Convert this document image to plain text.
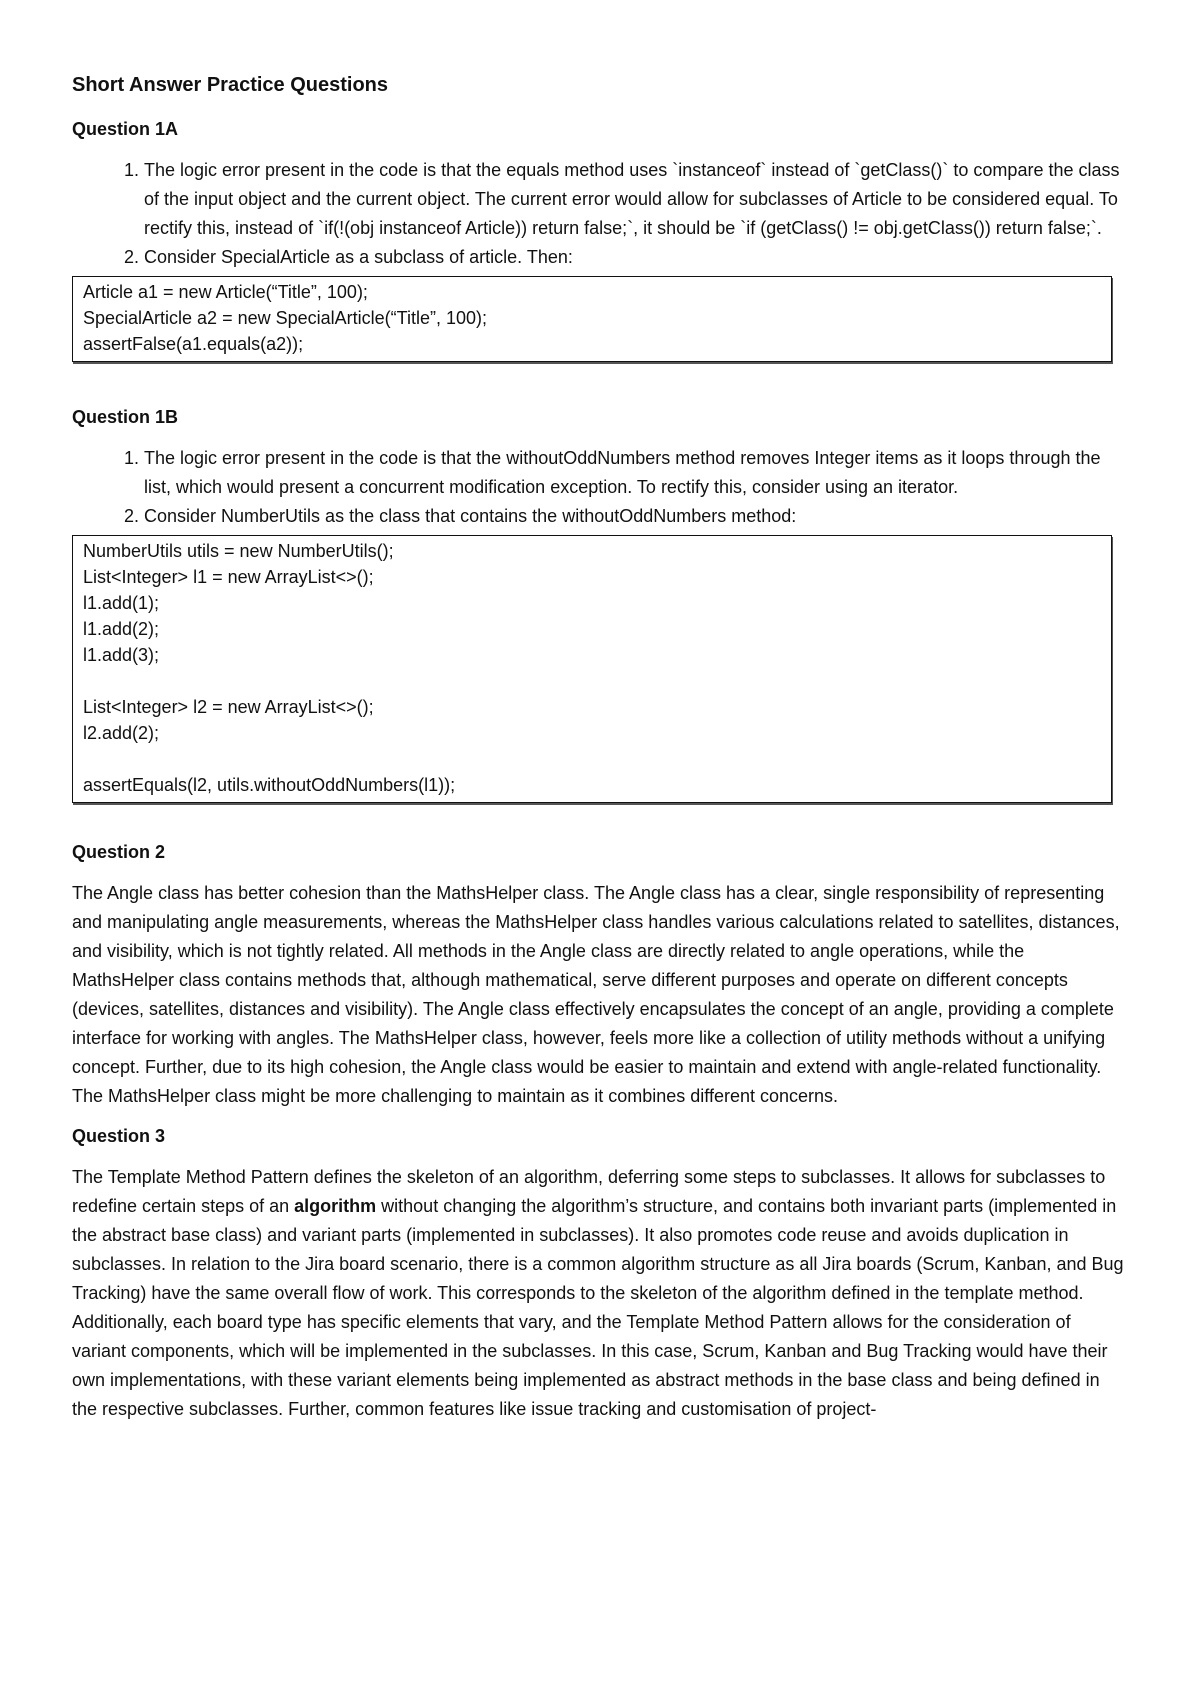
Short Answer Practice Questions
Question 1A
1. The logic error present in the code is that the equals method uses `instanceof` instead of `getClass()` to compare the class of the input object and the current object. The current error would allow for subclasses of Article to be considered equal. To rectify this, instead of `if(!(obj instanceof Article)) return false;`, it should be `if (getClass() != obj.getClass()) return false;`.
2. Consider SpecialArticle as a subclass of article. Then:
Article a1 = new Article(“Title”, 100);
SpecialArticle a2 = new SpecialArticle(“Title”, 100);
assertFalse(a1.equals(a2));
Question 1B
1. The logic error present in the code is that the withoutOddNumbers method removes Integer items as it loops through the list, which would present a concurrent modification exception. To rectify this, consider using an iterator.
2. Consider NumberUtils as the class that contains the withoutOddNumbers method:
NumberUtils utils = new NumberUtils();
List<Integer> l1 = new ArrayList<>();
l1.add(1);
l1.add(2);
l1.add(3);
List<Integer> l2 = new ArrayList<>();
l2.add(2);
assertEquals(l2, utils.withoutOddNumbers(l1));
Question 2

The Angle class has better cohesion than the MathsHelper class. The Angle class has a clear, single responsibility of representing and manipulating angle measurements, whereas the MathsHelper class handles various calculations related to satellites, distances, and visibility, which is not tightly related. All methods in the Angle class are directly related to angle operations, while the MathsHelper class contains methods that, although mathematical, serve different purposes and operate on different concepts (devices, satellites, distances and visibility). The Angle class effectively encapsulates the concept of an angle, providing a complete interface for working with angles. The MathsHelper class, however, feels more like a collection of utility methods without a unifying concept. Further, due to its high cohesion, the Angle class would be easier to maintain and extend with angle-related functionality. The MathsHelper class might be more challenging to maintain as it combines different concerns.

Question 3

The Template Method Pattern defines the skeleton of an algorithm, deferring some steps to subclasses. It allows for subclasses to redefine certain steps of an algorithm without changing the algorithm’s structure, and contains both invariant parts (implemented in the abstract base class) and variant parts (implemented in subclasses). It also promotes code reuse and avoids duplication in subclasses. In relation to the Jira board scenario, there is a common algorithm structure as all Jira boards (Scrum, Kanban, and Bug Tracking) have the same overall flow of work. This corresponds to the skeleton of the algorithm defined in the template method. Additionally, each board type has specific elements that vary, and the Template Method Pattern allows for the consideration of variant components, which will be implemented in the subclasses. In this case, Scrum, Kanban and Bug Tracking would have their own implementations, with these variant elements being implemented as abstract methods in the base class and being defined in the respective subclasses. Further, common features like issue tracking and customisation of project-
